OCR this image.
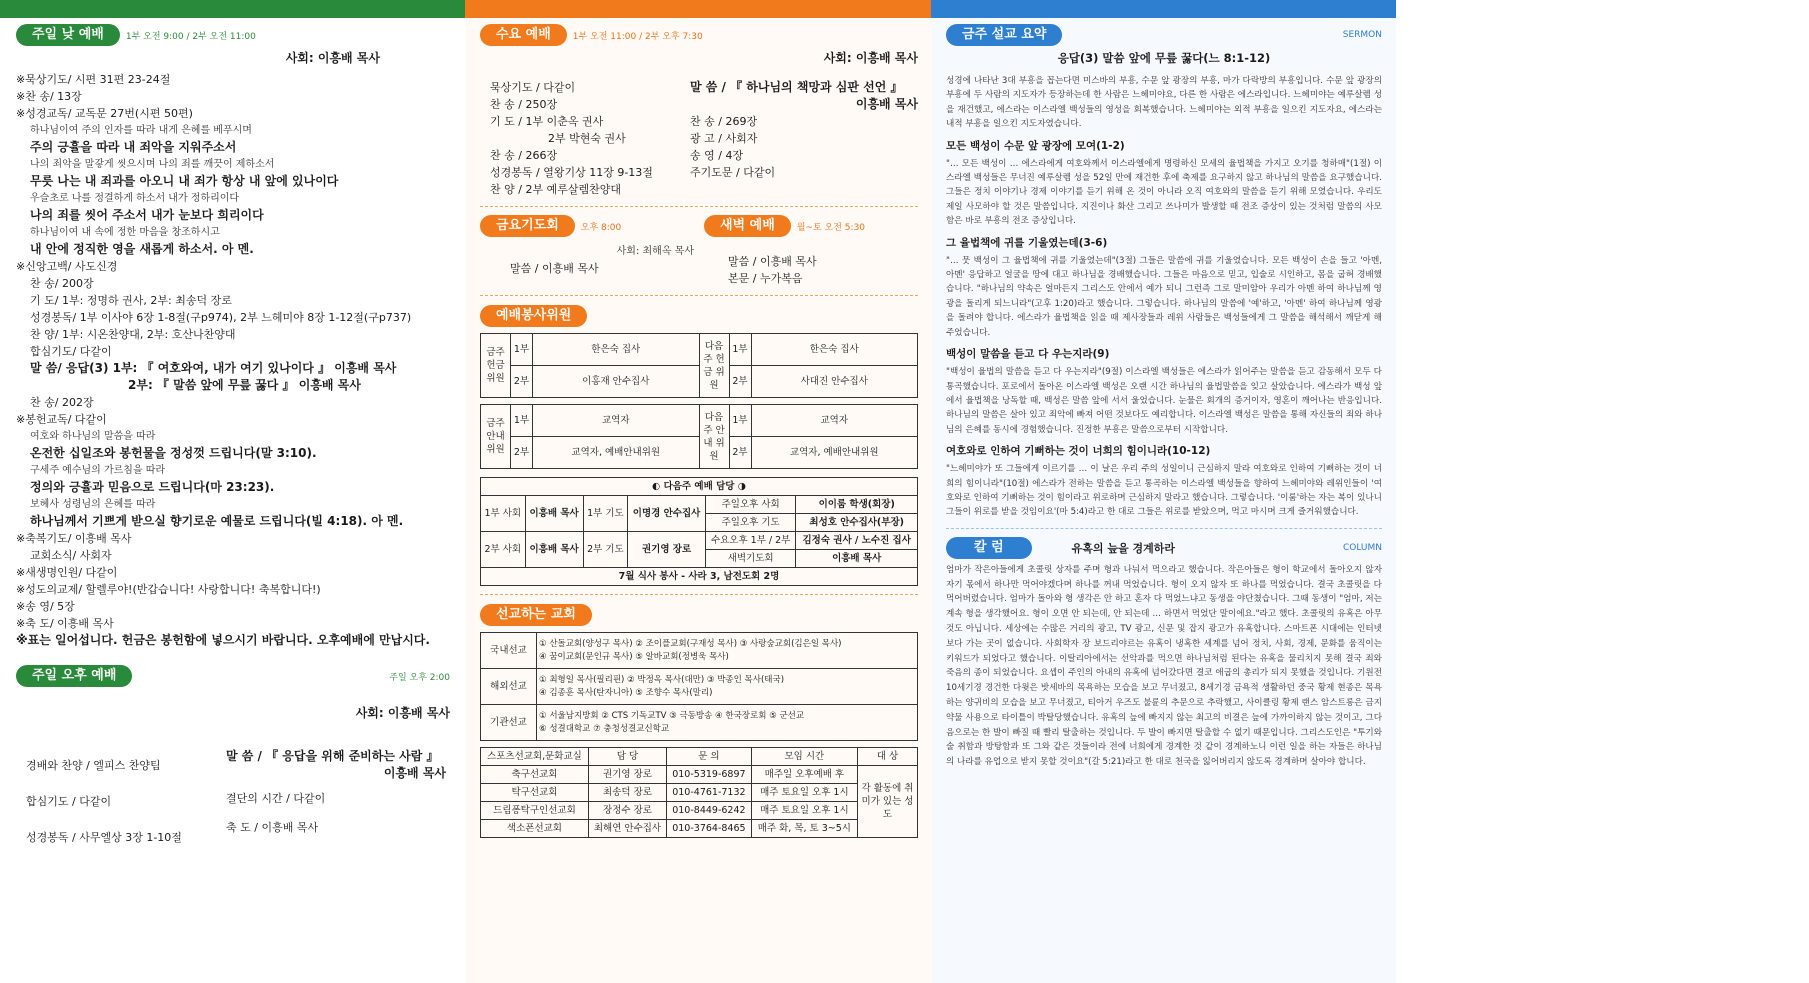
주일 낮 예배	1부 오전 9:00 / 2부 오전 11:00
사회: 이흥배 목사
※묵상기도/ 시편 31편 23-24절
※찬 송/ 13장
※성경교독/ 교독문 27번(시편 50편)
하나님이여 주의 인자를 따라 내게 은혜를 베푸시며
주의 긍휼을 따라 내 죄악을 지워주소서
나의 죄악을 말갛게 씻으시며 나의 죄를 깨끗이 제하소서
무릇 나는 내 죄과를 아오니 내 죄가 항상 내 앞에 있나이다
우슬초로 나를 정결하게 하소서 내가 정하리이다
나의 죄를 씻어 주소서 내가 눈보다 희리이다
하나님이여 내 속에 정한 마음을 창조하시고
내 안에 정직한 영을 새롭게 하소서. 아 멘.
※신앙고백/ 사도신경
찬 송/ 200장
기 도/ 1부: 정명하 권사, 2부: 최송덕 장로
성경봉독/ 1부 이사야 6장 1-8절(구p974), 2부 느헤미야 8장 1-12절(구p737)
찬 양/ 1부: 시온찬양대, 2부: 호산나찬양대
합심기도/ 다같이
말 씀/ 응답(3) 1부: 『 여호와여, 내가 여기 있나이다 』 이흥배 목사
2부: 『 말씀 앞에 무릎 꿇다 』 이흥배 목사
찬 송/ 202장
※봉헌교독/ 다같이
여호와 하나님의 말씀을 따라
온전한 십일조와 봉헌물을 정성껏 드립니다(말 3:10).
구세주 예수님의 가르침을 따라
정의와 긍휼과 믿음으로 드립니다(마 23:23).
보혜사 성령님의 은혜를 따라
하나님께서 기쁘게 받으실 향기로운 예물로 드립니다(빌 4:18). 아 멘.
※축복기도/ 이흥배 목사
교회소식/ 사회자
※새생명인원/ 다같이
※성도의교제/ 할렐루야!(반갑습니다! 사랑합니다! 축복합니다!)
※송 영/ 5장
※축 도/ 이흥배 목사
※표는 일어섭니다. 헌금은 봉헌함에 넣으시기 바랍니다. 오후예배에 만납시다.
주일 오후 예배	주일 오후 2:00
사회: 이흥배 목사
경배와 찬양 / 엘피스 찬양팀
합심기도 / 다같이
성경봉독 / 사무엘상 3장 1-10절
말 씀 / 『 응답을 위해 준비하는 사람 』
이흥배 목사
결단의 시간 / 다같이
축 도 / 이흥배 목사
수요 예배	1부 오전 11:00 / 2부 오후 7:30
사회: 이흥배 목사
묵상기도 / 다같이
찬 송 / 250장
기 도 / 1부 이춘옥 권사
2부 박현숙 권사
찬 송 / 266장
성경봉독 / 열왕기상 11장 9-13절
찬 양 / 2부 예루살렘찬양대
말 씀 / 『 하나님의 책망과 심판 선언 』
이흥배 목사
찬 송 / 269장
광 고 / 사회자
송 영 / 4장
주기도문 / 다같이
금요기도회	오후 8:00
사회: 최해옥 목사
말씀 / 이흥배 목사
새벽 예배	월~토 오전 5:30
말씀 / 이흥배 목사
본문 / 누가복음
예배봉사위원
금주 헌금 위원	1부	한은숙 집사	다음주 헌금 위원	1부	한은숙 집사
	2부	이홍재 안수집사		2부	사대진 안수집사
금주 안내 위원	1부	교역자	다음주 안내 위원	1부	교역자
	2부	교역자, 예배안내위원		2부	교역자, 예배안내위원
◐ 다음주 예배 담당 ◑					
1부 사회	이흥배 목사	1부 기도	이명경 안수집사	주일오후 사회	이이룸 학생(회장)
				주일오후 기도	최성호 안수집사(부장)
2부 사회	이흥배 목사	2부 기도	권기영 장로	수요오후 1부 / 2부	김정숙 권사 / 노수진 집사
				새벽기도회	이흥배 목사
7월 식사 봉사 - 사라 3, 남전도회 2명					
선교하는 교회
국내선교	① 산돌교회(양성구 목사) ② 조이플교회(구재성 목사) ③ 사랑숲교회(김은일 목사)
④ 꿈이교회(문인규 목사) ⑤ 알바교회(정병욱 목사)

해외선교	① 최형일 목사(필리핀) ② 박정옥 목사(대만) ③ 박종인 목사(태국)
④ 김종훈 목사(탄자니아) ⑤ 조향수 목사(말리)

기관선교	① 서울남지방회 ② CTS 기독교TV ③ 극동방송 ④ 한국장로회 ⑤ 군선교
⑥ 성결대학교 ⑦ 충청성결교신학교
스포츠선교회,문화교실	담 당	문 의	모임 시간	대 상
축구선교회	권기영 장로	010-5319-6897	매주일 오후예배 후	각 활동에 취미가 있는 성도
탁구선교회	최송덕 장로	010-4761-7132	매주 토요일 오후 1시	
드림퐁탁구인선교회	장정수 장로	010-8449-6242	매주 토요일 오후 1시	
색소폰선교회	최해연 안수집사	010-3764-8465	매주 화, 목, 토 3~5시	
금주 설교 요약	SERMON
응답(3) 말씀 앞에 무릎 꿇다(느 8:1-12)

성경에 나타난 3대 부흥을 꼽는다면 미스바의 부흥, 수문 앞 광장의 부흥, 마가 다락방의 부흥입니다. 수문 앞 광장의 부흥에 두 사람의 지도자가 등장하는데 한 사람은 느헤미야요, 다른 한 사람은 에스라입니다. 느헤미야는 예루살렘 성을 재건했고, 에스라는 이스라엘 백성들의 영성을 회복했습니다. 느헤미야는 외적 부흥을 일으킨 지도자요, 에스라는 내적 부흥을 일으킨 지도자였습니다.

모든 백성이 수문 앞 광장에 모여(1-2)

"… 모든 백성이 … 에스라에게 여호와께서 이스라엘에게 명령하신 모세의 율법책을 가지고 오기를 청하매"(1절) 이스라엘 백성들은 무너진 예루살렘 성을 52일 만에 재건한 후에 축제를 요구하지 않고 하나님의 말씀을 요구했습니다. 그들은 정치 이야기나 경제 이야기를 듣기 위해 온 것이 아니라 오직 여호와의 말씀을 듣기 위해 모였습니다. 우리도 제일 사모하야 할 것은 말씀입니다. 지진이나 화산 그리고 쓰나미가 발생할 때 전조 증상이 있는 것처럼 말씀의 사모함은 바로 부흥의 전조 증상입니다.

그 율법책에 귀를 기울였는데(3-6)

"… 뭇 백성이 그 율법책에 귀를 기울였는데"(3절) 그들은 말씀에 귀를 기울였습니다. 모든 백성이 손을 들고 '아멘, 아멘' 응답하고 얼굴을 땅에 대고 하나님을 경배했습니다. 그들은 마음으로 믿고, 입술로 시인하고, 몸을 굽혀 경배했습니다. "하나님의 약속은 얼마든지 그리스도 안에서 예가 되니 그런즉 그로 말미암아 우리가 아멘 하여 하나님께 영광을 돌리게 되느니라"(고후 1:20)라고 했습니다. 그렇습니다. 하나님의 말씀에 '예'하고, '아멘' 하여 하나님께 영광을 돌려야 합니다. 에스라가 율법책을 읽을 때 제사장들과 레위 사람들은 백성들에게 그 말씀을 해석해서 깨닫게 해 주었습니다.

백성이 말씀을 듣고 다 우는지라(9)

"백성이 율법의 말씀을 듣고 다 우는지라"(9절) 이스라엘 백성들은 에스라가 읽어주는 말씀을 듣고 감동해서 모두 다 통곡했습니다. 포로에서 돌아온 이스라엘 백성은 오랜 시간 하나님의 율법말씀을 잊고 살았습니다. 에스라가 백성 앞에서 율법책을 낭독할 때, 백성은 말씀 앞에 서서 울었습니다. 눈물은 회개의 증거이자, 영혼이 깨어나는 반응입니다. 하나님의 말씀은 살아 있고 죄악에 빠져 어떤 것보다도 예리합니다. 이스라엘 백성은 말씀을 통해 자신들의 죄와 하나님의 은혜를 동시에 경험했습니다. 진정한 부흥은 말씀으로부터 시작합니다.

여호와로 인하여 기뻐하는 것이 너희의 힘이니라(10-12)

"느헤미야가 또 그들에게 이르기를 … 이 날은 우리 주의 성일이니 근심하지 말라 여호와로 인하여 기뻐하는 것이 너희의 힘이니라"(10절) 에스라가 전하는 말씀을 듣고 통곡하는 이스라엘 백성들을 향하여 느헤미야와 레위인들이 '여호와로 인하여 기뻐하는 것이 힘이라고 위로하며 근심하지 말라고 했습니다. 그렇습니다. '이룸'하는 자는 복이 있나니 그들이 위로를 받을 것임이요'(마 5:4)라고 한 대로 그들은 위로를 받았으며, 먹고 마시며 크게 즐거워했습니다.

칼 럼	유혹의 늪을 경계하라	COLUMN
엄마가 작은아들에게 초콜릿 상자를 주며 형과 나눠서 먹으라고 했습니다. 작은아들은 형이 학교에서 돌아오지 않자 자기 몫에서 하나만 먹어야겠다며 하나를 꺼내 먹었습니다. 형이 오지 않자 또 하나를 먹었습니다. 결국 초콜릿을 다 먹어버렸습니다. 엄마가 돌아와 형 생각은 안 하고 혼자 다 먹었느냐고 동생을 야단쳤습니다. 그때 동생이 "엄마, 저는 계속 형을 생각했어요. 형이 오면 안 되는데, 안 되는데 … 하면서 먹었단 말이에요."라고 했다. 초콜릿의 유혹은 아무것도 아닙니다. 세상에는 수많은 거리의 광고, TV 광고, 신문 및 잡지 광고가 유혹합니다. 스마트폰 시대에는 인터넷보다 가는 곳이 없습니다. 사회학자 장 보드리야르는 유혹이 냉혹한 세계를 넘어 정치, 사회, 경제, 문화를 움직이는 키워드가 되었다고 했습니다. 이탈리아에서는 선악과를 먹으면 하나님처럼 된다는 유혹을 물리치지 못해 결국 죄와 죽음의 종이 되었습니다. 요셉이 주인의 아내의 유혹에 넘어갔다면 결코 애굽의 총리가 되지 못했을 것입니다. 기원전 10세기경 경건한 다윗은 밧세바의 목욕하는 모습을 보고 무너졌고, 8세기경 금욕적 생활하던 중국 황제 현종은 목욕하는 양귀비의 모습을 보고 무너졌고, 티아거 우즈도 불륜의 추문으로 추락했고, 사이클링 황제 랜스 암스트롱은 금지약물 사용으로 타이틀이 박탈당했습니다. 유혹의 늪에 빠지지 않는 최고의 비결은 늪에 가까이하지 않는 것이고, 그다음으로는 한 발이 빠질 때 빨리 탈출하는 것입니다. 두 발이 빠지면 탈출할 수 없기 때문입니다. 그리스도인은 "투기와 술 취함과 방탕함과 또 그와 같은 것들이라 전에 너희에게 경계한 것 같이 경계하노니 이런 일을 하는 자들은 하나님의 나라를 유업으로 받지 못할 것이요"(갈 5:21)라고 한 대로 천국을 잃어버리지 않도록 경계하며 살아야 합니다.
